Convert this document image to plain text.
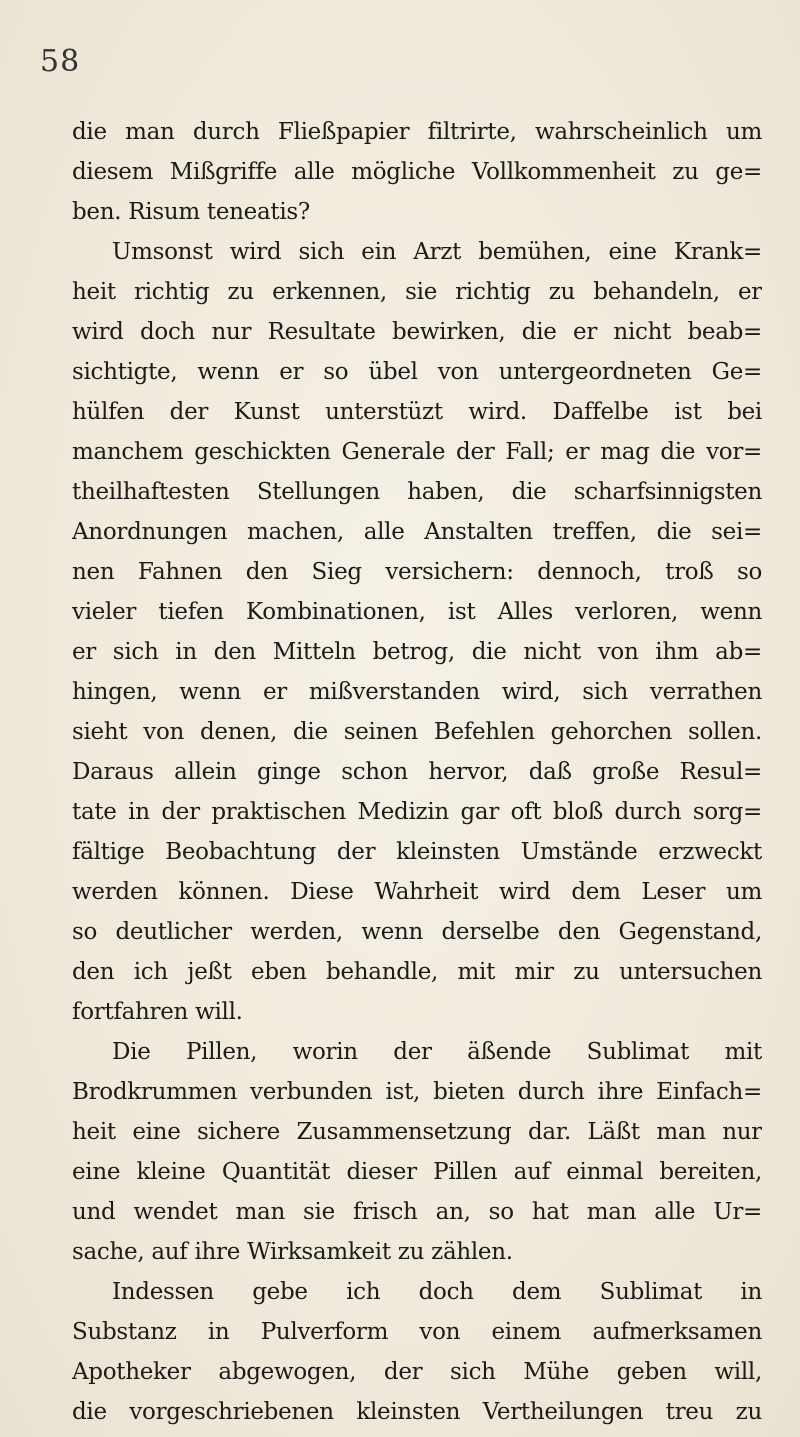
58
die man durch Fließpapier filtrirte, wahrscheinlich um
diesem Mißgriffe alle mögliche Vollkommenheit zu ge=
ben. Risum teneatis?
Umsonst wird sich ein Arzt bemühen, eine Krank=
heit richtig zu erkennen, sie richtig zu behandeln, er
wird doch nur Resultate bewirken, die er nicht beab=
sichtigte, wenn er so übel von untergeordneten Ge=
hülfen der Kunst unterstüzt wird. Daffelbe ist bei
manchem geschickten Generale der Fall; er mag die vor=
theilhaftesten Stellungen haben, die scharfsinnigsten
Anordnungen machen, alle Anstalten treffen, die sei=
nen Fahnen den Sieg versichern: dennoch, troß so
vieler tiefen Kombinationen, ist Alles verloren, wenn
er sich in den Mitteln betrog, die nicht von ihm ab=
hingen, wenn er mißverstanden wird, sich verrathen
sieht von denen, die seinen Befehlen gehorchen sollen.
Daraus allein ginge schon hervor, daß große Resul=
tate in der praktischen Medizin gar oft bloß durch sorg=
fältige Beobachtung der kleinsten Umstände erzweckt
werden können. Diese Wahrheit wird dem Leser um
so deutlicher werden, wenn derselbe den Gegenstand,
den ich jeßt eben behandle, mit mir zu untersuchen
fortfahren will.
Die Pillen, worin der äßende Sublimat mit
Brodkrummen verbunden ist, bieten durch ihre Einfach=
heit eine sichere Zusammensetzung dar. Läßt man nur
eine kleine Quantität dieser Pillen auf einmal bereiten,
und wendet man sie frisch an, so hat man alle Ur=
sache, auf ihre Wirksamkeit zu zählen.
Indessen gebe ich doch dem Sublimat in
Substanz in Pulverform von einem aufmerksamen
Apotheker abgewogen, der sich Mühe geben will,
die vorgeschriebenen kleinsten Vertheilungen treu zu
